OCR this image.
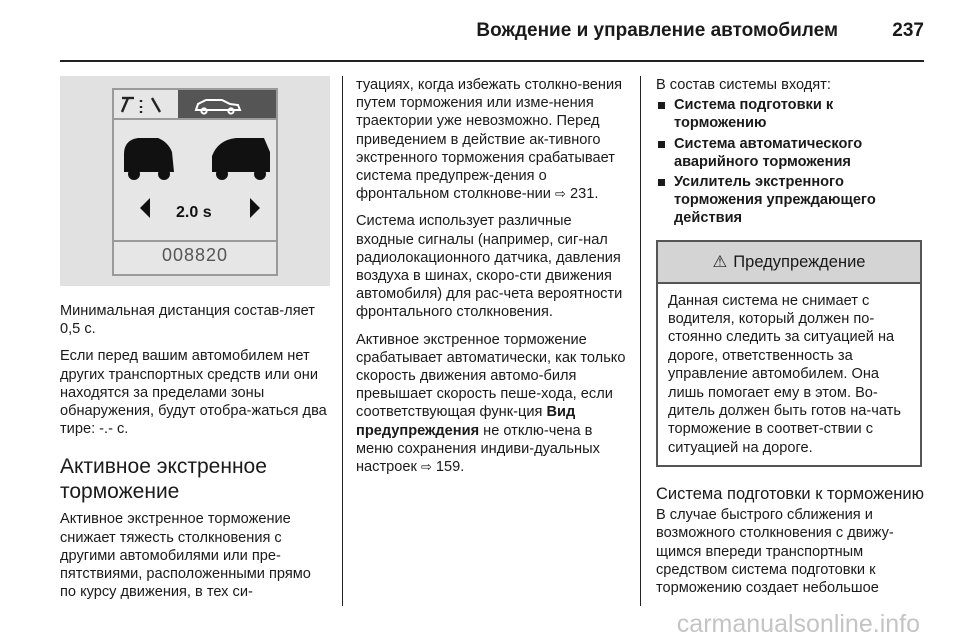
Вождение и управление автомобилем	237
2.0 s
008820

Минимальная дистанция состав-ляет 0,5 с.

Если перед вашим автомобилем нет других транспортных средств или они находятся за пределами зоны обнаружения, будут отобра-жаться два тире: -.- с.

Активное экстренное торможение

Активное экстренное торможение снижает тяжесть столкновения с другими автомобилями или пре-пятствиями, расположенными прямо по курсу движения, в тех си-

туациях, когда избежать столкно-вения путем торможения или изме-нения траектории уже невозможно. Перед приведением в действие ак-тивного экстренного торможения срабатывает система предупреж-дения о фронтальном столкнове-нии ⇨ 231.

Система использует различные входные сигналы (например, сиг-нал радиолокационного датчика, давления воздуха в шинах, скоро-сти движения автомобиля) для рас-чета вероятности фронтального столкновения.

Активное экстренное торможение срабатывает автоматически, как только скорость движения автомо-биля превышает скорость пеше-хода, если соответствующая функ-ция Вид предупреждения не отклю-чена в меню сохранения индиви-дуальных настроек ⇨ 159.

В состав системы входят:

Система подготовки к торможению
Система автоматического аварийного торможения
Усилитель экстренного торможения упреждающего действия
⚠ Предупреждение
Данная система не снимает с водителя, который должен по-стоянно следить за ситуацией на дороге, ответственность за управление автомобилем. Она лишь помогает ему в этом. Во-дитель должен быть готов на-чать торможение в соответ-ствии с ситуацией на дороге.
Система подготовки к торможению

В случае быстрого сближения и возможного столкновения с движу-щимся впереди транспортным средством система подготовки к торможению создает небольшое

carmanualsonline.info
